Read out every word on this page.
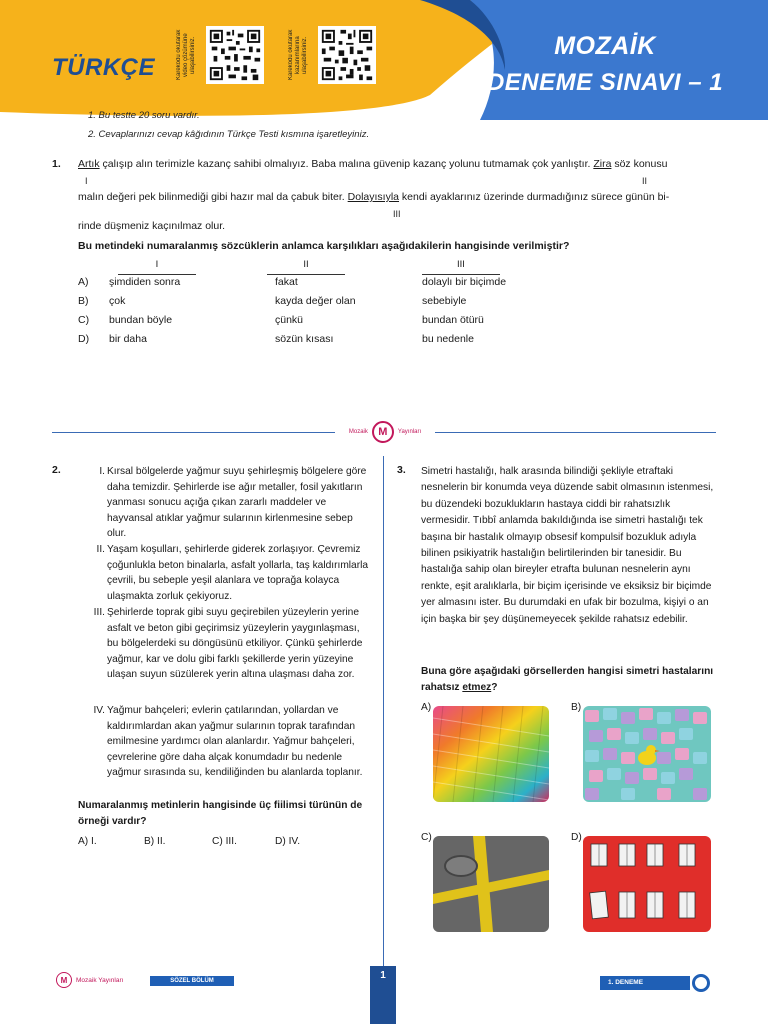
TÜRKÇE	Karekodu okutarak video çözümüne ulaşabilirsiniz.	Karekodu okutarak kazanımlarına ulaşabilirsiniz.	MOZAİK
DENEME SINAVI – 1
1. Bu testte 20 soru vardır.
2. Cevaplarınızı cevap kâğıdının Türkçe Testi kısmına işaretleyiniz.
1. Artık çalışıp alın terimizle kazanç sahibi olmalıyız. Baba malına güvenip kazanç yolunu tutmamak çok yanlıştır. Zira söz konusu
I	II
malın değeri pek bilinmediği gibi hazır mal da çabuk biter. Dolayısıyla kendi ayaklarınız üzerinde durmadığınız sürece günün bi-
III
rinde düşmeniz kaçınılmaz olur.
Bu metindeki numaralanmış sözcüklerin anlamca karşılıkları aşağıdakilerin hangisinde verilmiştir?
I	II	III
A) şimdiden sonra	fakat	dolaylı bir biçimde
B) çok	kayda değer olan	sebebiyle
C) bundan böyle	çünkü	bundan ötürü
D) bir daha	sözün kısası	bu nedenle
Mozaik M	Yayınları
2.	I. Kırsal bölgelerde yağmur suyu şehirleşmiş bölgelere göre daha temizdir. Şehirlerde ise ağır metaller, fosil yakıtların yanması sonucu açığa çıkan zararlı maddeler ve hayvansal atıklar yağmur sularının kirlenmesine sebep olur.
II. Yaşam koşulları, şehirlerde giderek zorlaşıyor. Çevremiz çoğunlukla beton binalarla, asfalt yollarla, taş kaldırımlarla çevrili, bu sebeple yeşil alanlara ve toprağa kolayca ulaşmakta zorluk çekiyoruz.
III. Şehirlerde toprak gibi suyu geçirebilen yüzeylerin yerine asfalt ve beton gibi geçirimsiz yüzeylerin yaygınlaşması, bu bölgelerdeki su döngüsünü etkiliyor. Çünkü şehirlerde yağmur, kar ve dolu gibi farklı şekillerde yerin yüzeyine ulaşan suyun süzülerek yerin altına ulaşması daha zor.
IV. Yağmur bahçeleri; evlerin çatılarından, yollardan ve kaldırımlardan akan yağmur sularının toprak tarafından emilmesine yardımcı olan alanlardır. Yağmur bahçeleri, çevrelerine göre daha alçak konumdadır bu nedenle yağmur sırasında su, kendiliğinden bu alanlarda toplanır.
Numaralanmış metinlerin hangisinde üç fiilimsi türünün de örneği vardır?
A) I.	B) II.	C) III.	D) IV.
3. Simetri hastalığı, halk arasında bilindiği şekliyle etraftaki nesnelerin bir konumda veya düzende sabit olmasının istenmesi, bu düzendeki bozuklukların hastaya ciddi bir rahatsızlık vermesidir. Tıbbî anlamda bakıldığında ise simetri hastalığı tek başına bir hastalık olmayıp obsesif kompulsif bozukluk adıyla bilinen psikiyatrik hastalığın belirtilerinden bir tanesidir. Bu hastalığa sahip olan bireyler etrafta bulunan nesnelerin aynı renkte, eşit aralıklarla, bir biçim içerisinde ve eksiksiz bir biçimde yer almasını ister. Bu durumdaki en ufak bir bozulma, kişiyi o an için başka bir şey düşünemeyecek şekilde rahatsız edebilir.
Buna göre aşağıdaki görsellerden hangisi simetri hastalarını rahatsız etmez?
A)	B)
C)	D)
M	Mozaik Yayınları	SÖZEL BÖLÜM	1
1. DENEME
